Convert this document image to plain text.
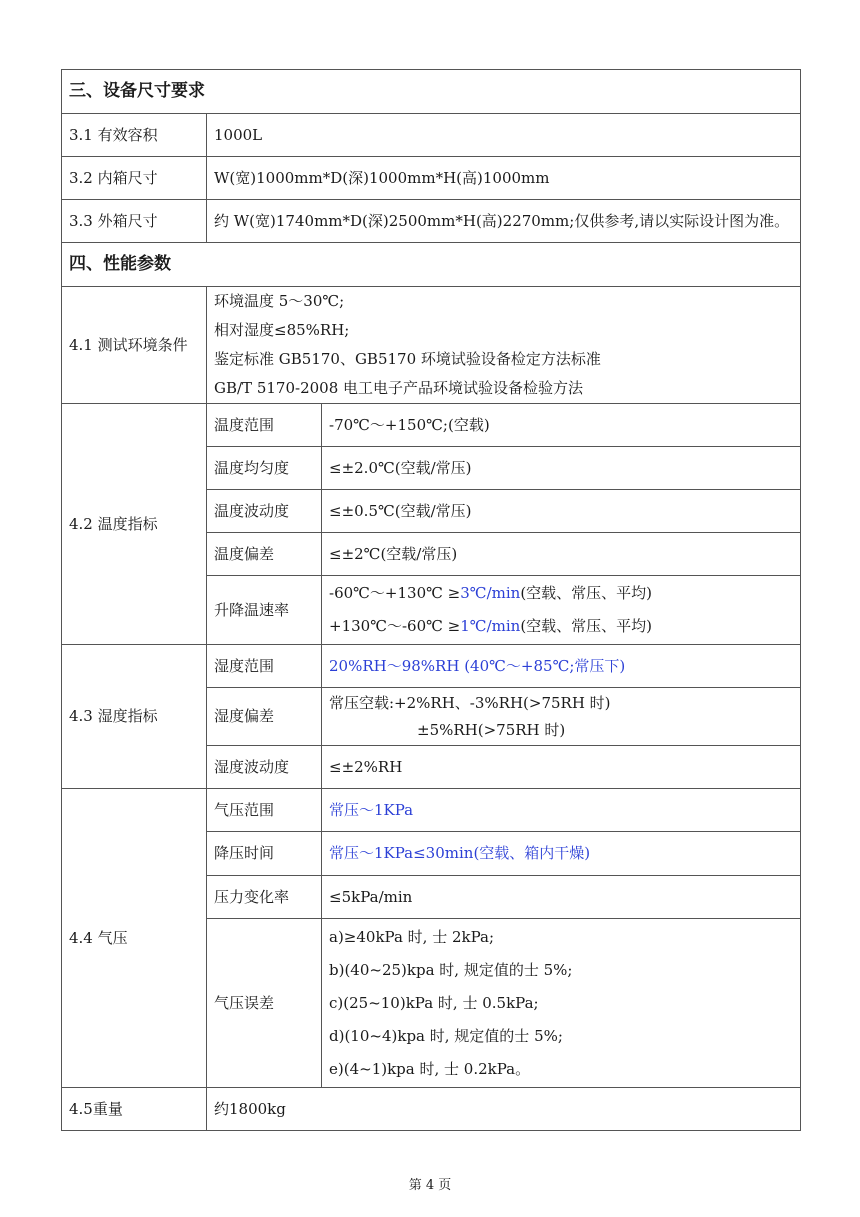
三、设备尺寸要求		
3.1 有效容积	1000L	
3.2 内箱尺寸	W(宽)1000mm*D(深)1000mm*H(高)1000mm	
3.3 外箱尺寸	约 W(宽)1740mm*D(深)2500mm*H(高)2270mm;仅供参考,请以实际设计图为准。	
四、性能参数		
4.1 测试环境条件	环境温度 5～30℃;
相对湿度≤85%RH;
鉴定标准 GB5170、GB5170 环境试验设备检定方法标准
GB/T 5170-2008 电工电子产品环境试验设备检验方法	

4.2 温度指标	温度范围	-70℃～+150℃;(空载)
	温度均匀度	≤±2.0℃(空载/常压)
	温度波动度	≤±0.5℃(空载/常压)
	温度偏差	≤±2℃(空载/常压)
	升降温速率	-60℃～+130℃ ≥3℃/min(空载、常压、平均)
+130℃～-60℃ ≥1℃/min(空载、常压、平均)

4.3 湿度指标	湿度范围	20%RH～98%RH (40℃～+85℃;常压下)
	湿度偏差	常压空载:+2%RH、-3%RH(>75RH 时)
±5%RH(>75RH 时)

	湿度波动度	≤±2%RH
4.4 气压	气压范围	常压～1KPa
	降压时间	常压～1KPa≤30min(空载、箱内干燥)
	压力变化率	≤5kPa/min
	气压误差	a)≥40kPa 时, 士 2kPa;
b)(40~25)kpa 时, 规定值的士 5%;
c)(25~10)kPa 时, 士 0.5kPa;
d)(10~4)kpa 时, 规定值的士 5%;
e)(4~1)kpa 时, 士 0.2kPa。

4.5重量	约1800kg	
第 4 页
